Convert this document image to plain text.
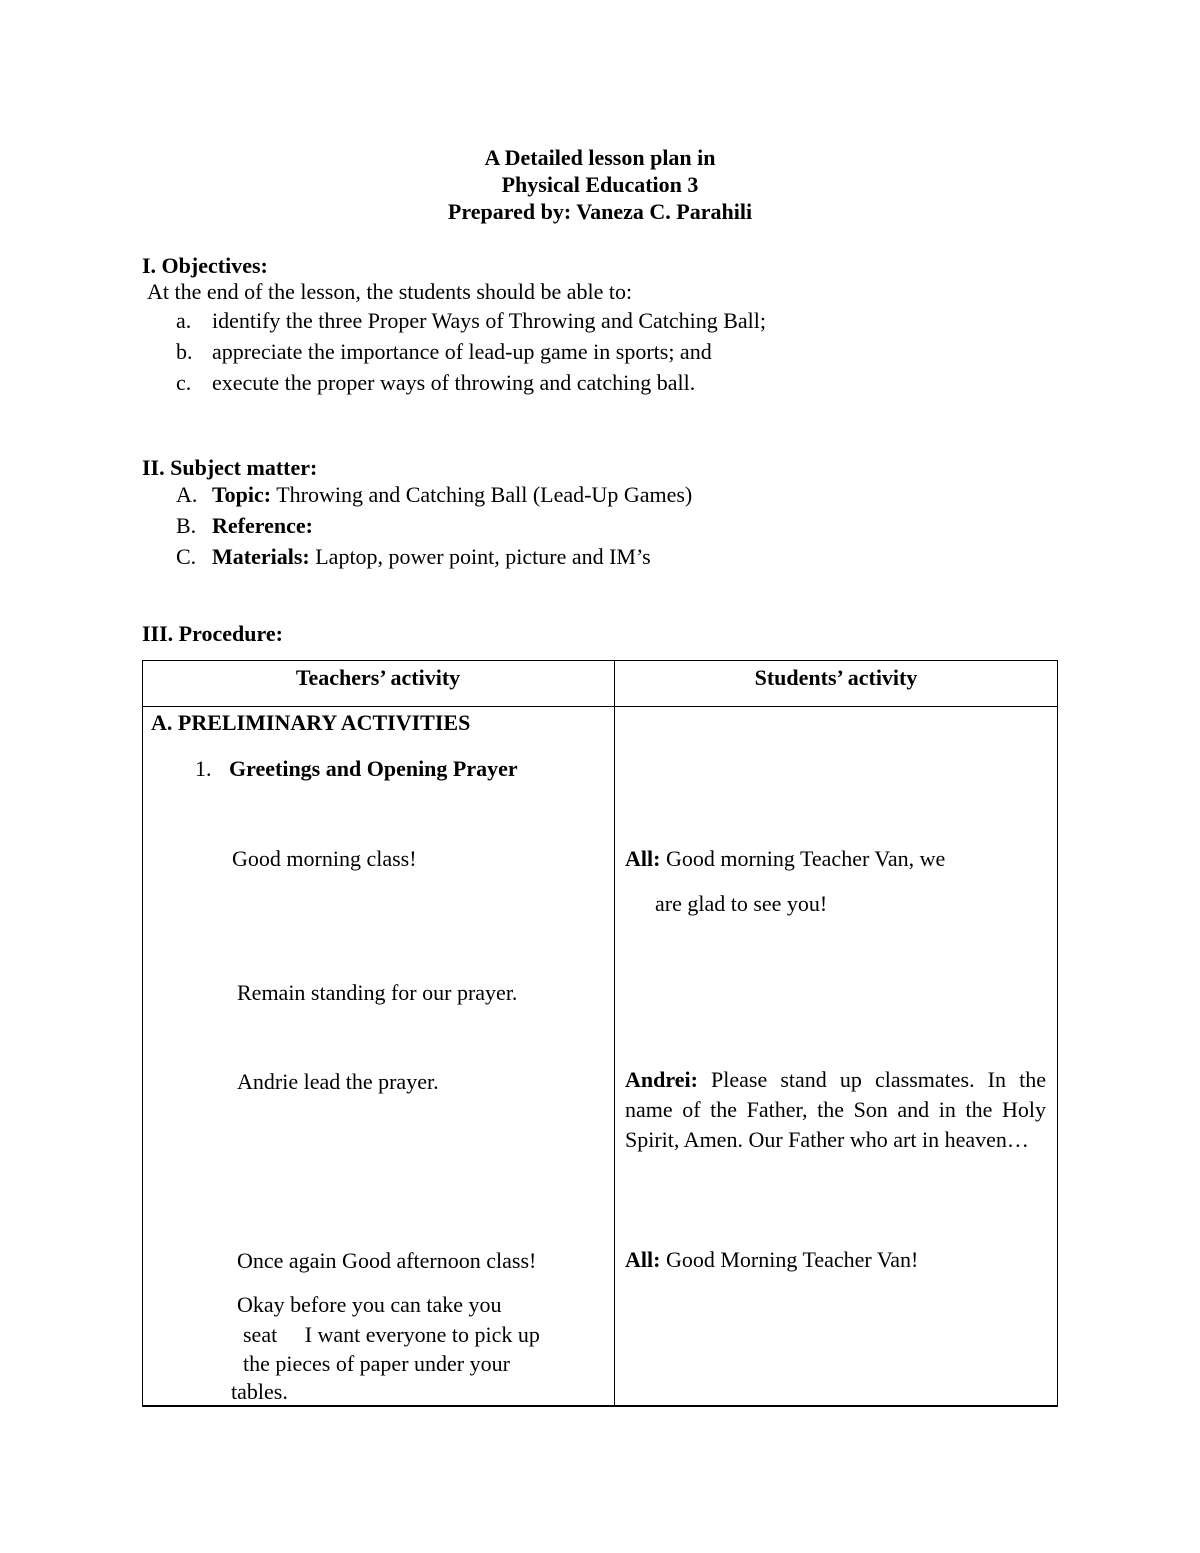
A Detailed lesson plan in
Physical Education 3
Prepared by: Vaneza C. Parahili
I. Objectives:
At the end of the lesson, the students should be able to:
a. identify the three Proper Ways of Throwing and Catching Ball;
b. appreciate the importance of lead-up game in sports; and
c. execute the proper ways of throwing and catching ball.
II. Subject matter:
A. Topic: Throwing and Catching Ball (Lead-Up Games)
B. Reference:
C. Materials: Laptop, power point, picture and IM’s
III. Procedure:
Teachers’ activity	Students’ activity
A. PRELIMINARY ACTIVITIES
1. Greetings and Opening Prayer
Good morning class!
Remain standing for our prayer.
Andrie lead the prayer.
Once again Good afternoon class!
Okay before you can take you
seat     I want everyone to pick up
the pieces of paper under your
tables.
All: Good morning Teacher Van, we
are glad to see you!
Andrei: Please stand up classmates. In the name of the Father, the Son and in the Holy Spirit, Amen. Our Father who art in heaven…
All: Good Morning Teacher Van!
